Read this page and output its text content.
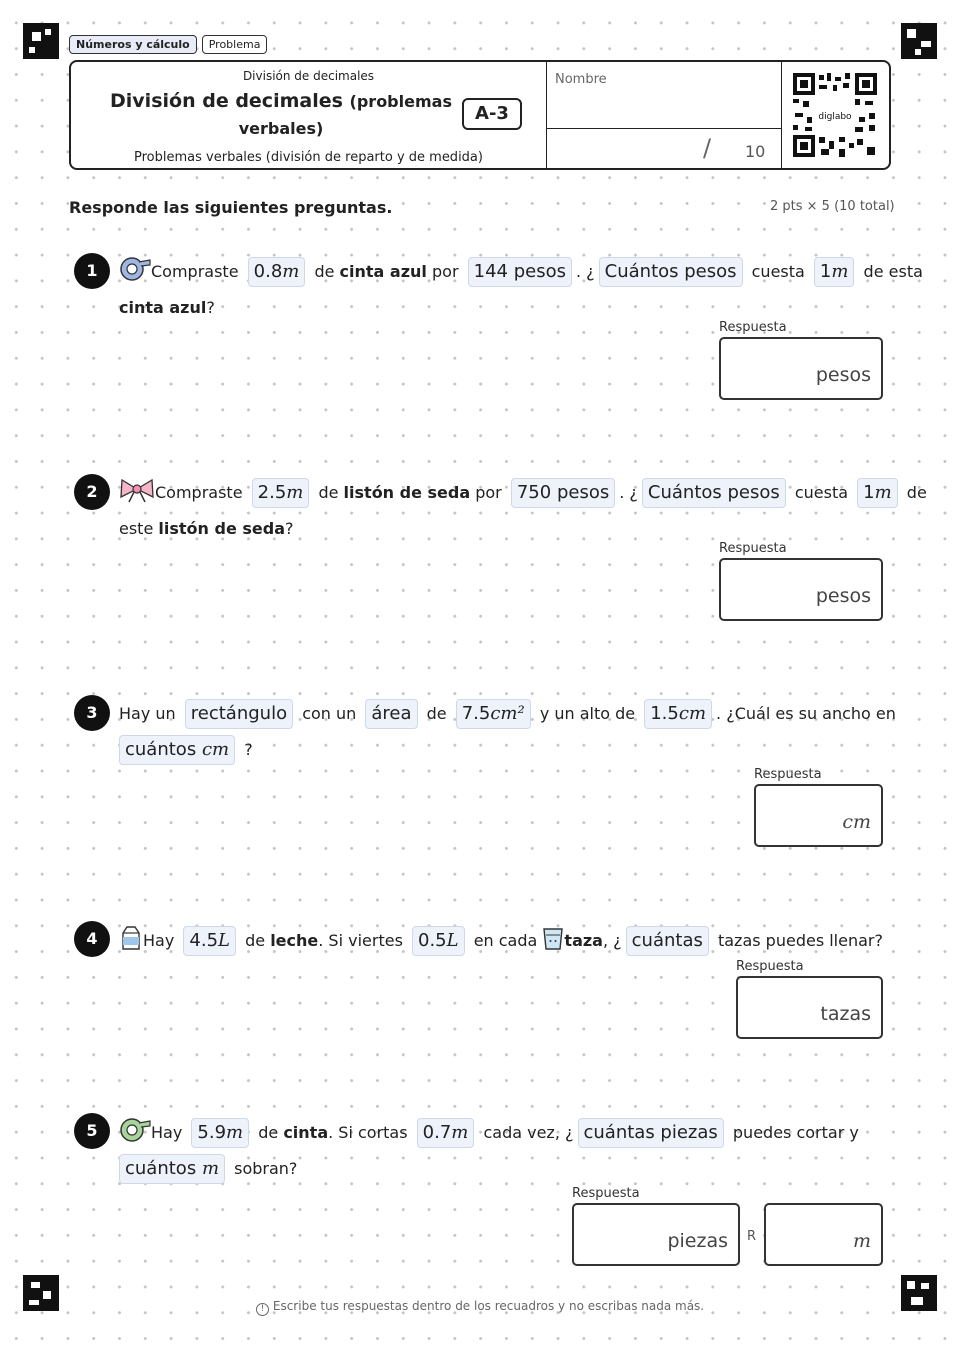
Números y cálculo	Problema
División de decimales
División de decimales (problemas verbales)
A-3
Problemas verbales (división de reparto y de medida)
Nombre
/ 10
diglabo
Responde las siguientes preguntas.	2 pts × 5 (10 total)
1	Compraste 0.8m de cinta azul por 144 pesos . ¿ Cuántos pesos cuesta 1m de esta
cinta azul?
Respuesta
pesos
2	Compraste 2.5m de listón de seda por 750 pesos . ¿ Cuántos pesos cuesta 1m de
este listón de seda?
Respuesta
pesos
3	Hay un rectángulo con un área de 7.5cm² y un alto de 1.5cm . ¿Cuál es su ancho en
cuántos cm ?
Respuesta
cm
4	Hay 4.5L de leche. Si viertes 0.5L en cada taza, ¿ cuántas tazas puedes llenar?
Respuesta
tazas
5	Hay 5.9m de cinta. Si cortas 0.7m cada vez, ¿ cuántas piezas puedes cortar y
cuántos m sobran?
Respuesta
piezas R	m
! Escribe tus respuestas dentro de los recuadros y no escribas nada más.
